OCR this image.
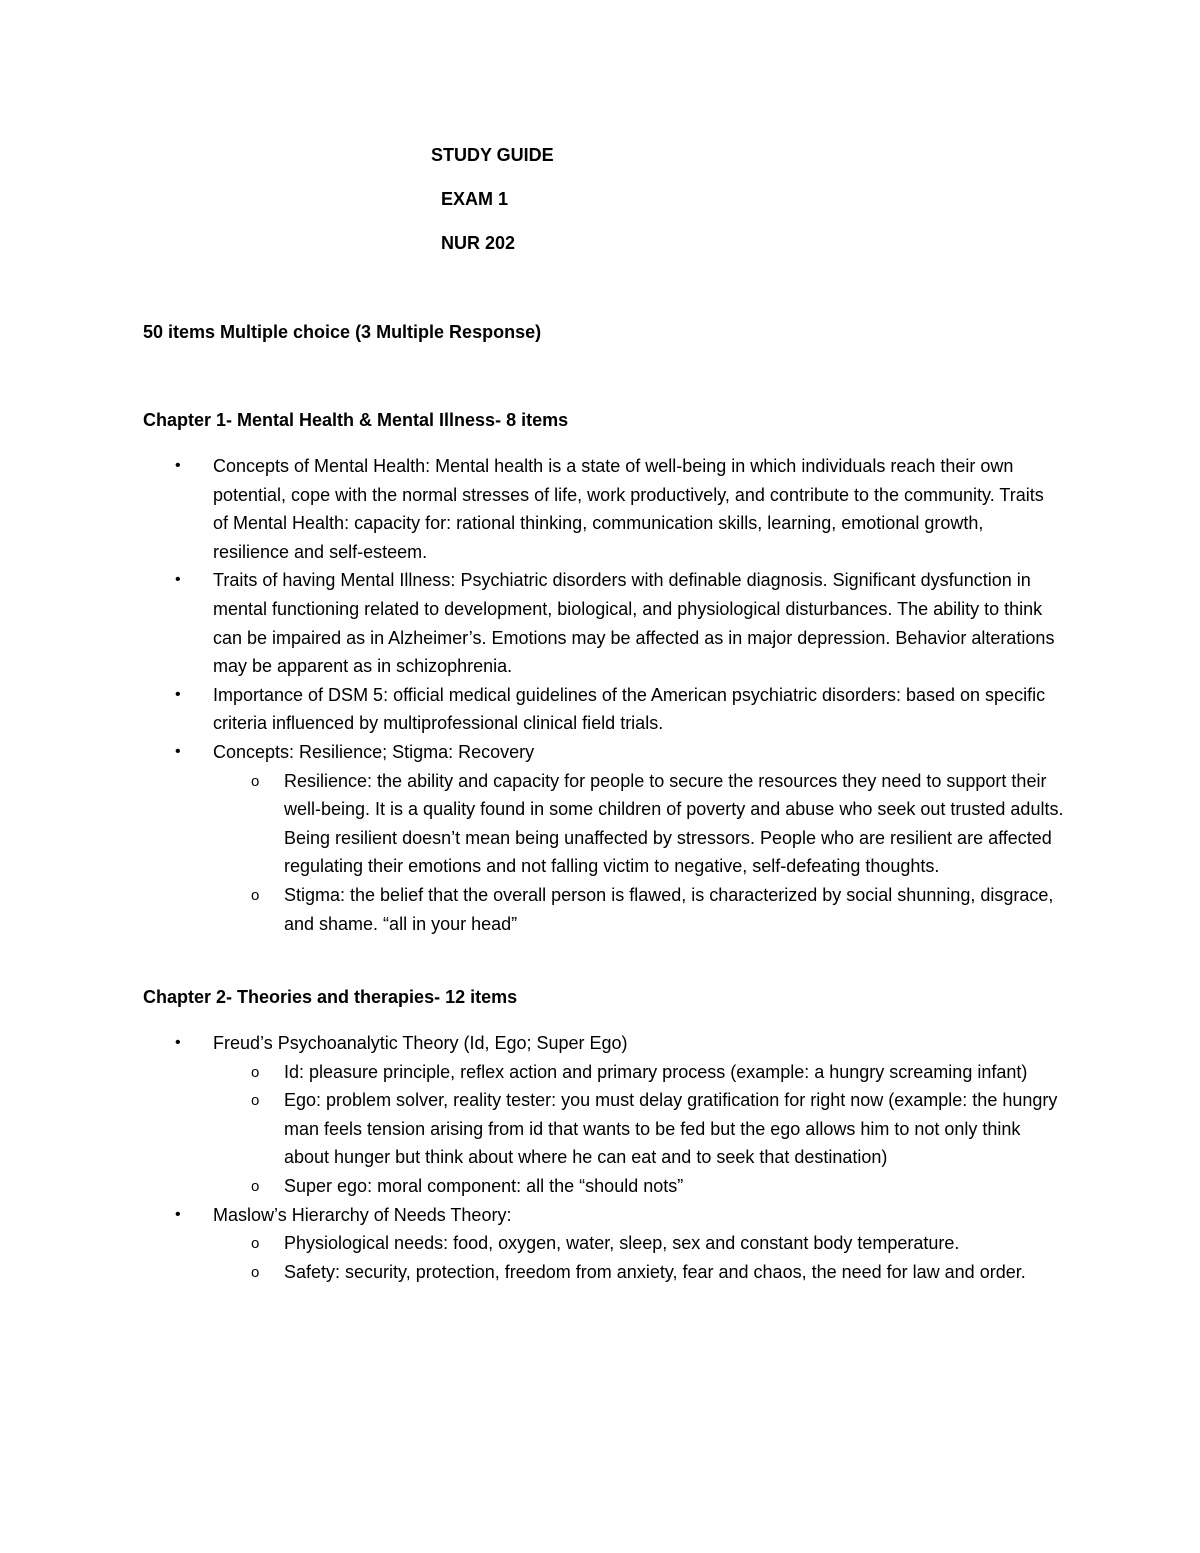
STUDY GUIDE
EXAM 1
NUR 202
50 items Multiple choice (3 Multiple Response)
Chapter 1- Mental Health & Mental Illness- 8 items
• Concepts of Mental Health: Mental health is a state of well-being in which individuals reach their own potential, cope with the normal stresses of life, work productively, and contribute to the community. Traits of Mental Health: capacity for: rational thinking, communication skills, learning, emotional growth, resilience and self-esteem.
• Traits of having Mental Illness: Psychiatric disorders with definable diagnosis. Significant dysfunction in mental functioning related to development, biological, and physiological disturbances. The ability to think can be impaired as in Alzheimer’s. Emotions may be affected as in major depression. Behavior alterations may be apparent as in schizophrenia.
• Importance of DSM 5: official medical guidelines of the American psychiatric disorders: based on specific criteria influenced by multiprofessional clinical field trials.
• Concepts: Resilience; Stigma: Recovery
o Resilience: the ability and capacity for people to secure the resources they need to support their well-being. It is a quality found in some children of poverty and abuse who seek out trusted adults. Being resilient doesn’t mean being unaffected by stressors. People who are resilient are affected regulating their emotions and not falling victim to negative, self-defeating thoughts.
o Stigma: the belief that the overall person is flawed, is characterized by social shunning, disgrace, and shame. “all in your head”
Chapter 2- Theories and therapies- 12 items
• Freud’s Psychoanalytic Theory (Id, Ego; Super Ego)
o Id: pleasure principle, reflex action and primary process (example: a hungry screaming infant)
o Ego: problem solver, reality tester: you must delay gratification for right now (example: the hungry man feels tension arising from id that wants to be fed but the ego allows him to not only think about hunger but think about where he can eat and to seek that destination)
o Super ego: moral component: all the “should nots”
• Maslow’s Hierarchy of Needs Theory:
o Physiological needs: food, oxygen, water, sleep, sex and constant body temperature.
o Safety: security, protection, freedom from anxiety, fear and chaos, the need for law and order.
